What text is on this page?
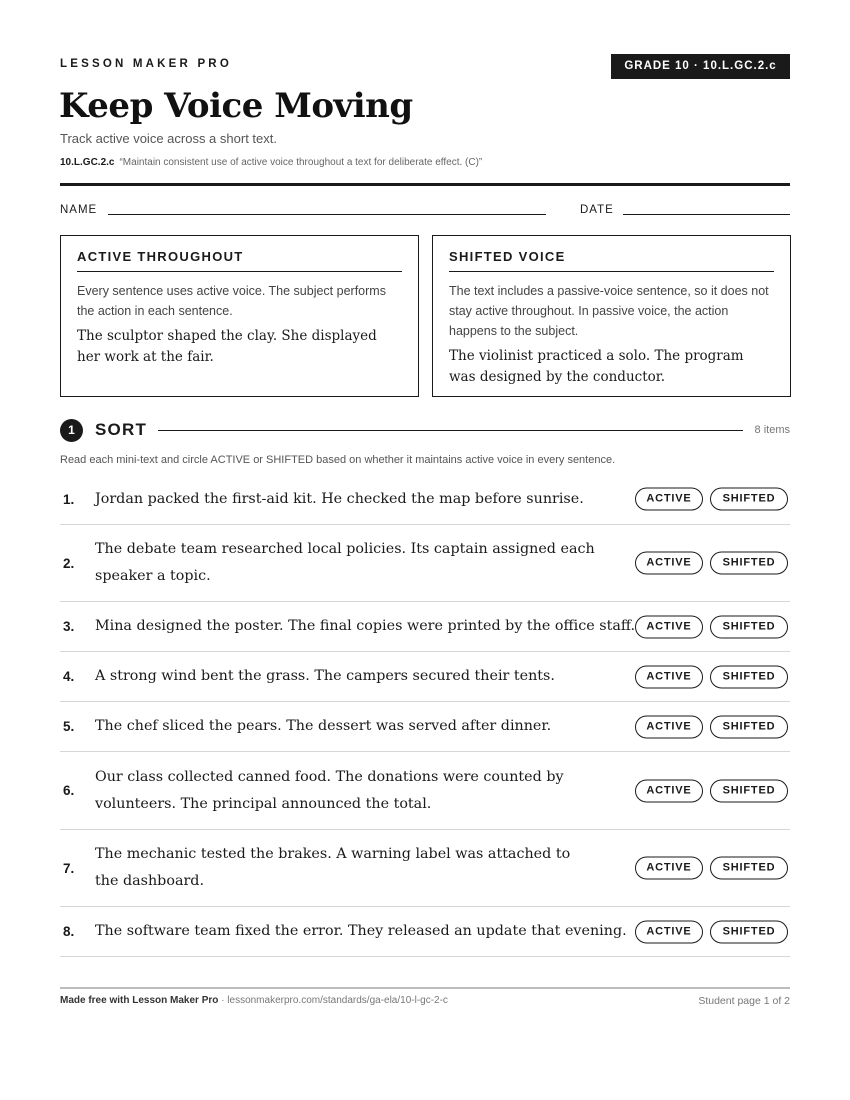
LESSON MAKER PRO	GRADE 10 · 10.L.GC.2.c
Keep Voice Moving
Track active voice across a short text.
10.L.GC.2.c “Maintain consistent use of active voice throughout a text for deliberate effect. (C)”
NAME	DATE
ACTIVE THROUGHOUT
Every sentence uses active voice. The subject performs the action in each sentence.
The sculptor shaped the clay. She displayed her work at the fair.
SHIFTED VOICE
The text includes a passive-voice sentence, so it does not stay active throughout. In passive voice, the action happens to the subject.
The violinist practiced a solo. The program was designed by the conductor.
1	SORT	8 items
Read each mini-text and circle ACTIVE or SHIFTED based on whether it maintains active voice in every sentence.
1. Jordan packed the first-aid kit. He checked the map before sunrise.	ACTIVE	SHIFTED
2.
The debate team researched local policies. Its captain assigned each speaker a topic.
ACTIVE	SHIFTED
3. Mina designed the poster. The final copies were printed by the office staff.	ACTIVE	SHIFTED
4. A strong wind bent the grass. The campers secured their tents.	ACTIVE	SHIFTED
5. The chef sliced the pears. The dessert was served after dinner.	ACTIVE	SHIFTED
6.
Our class collected canned food. The donations were counted by volunteers. The principal announced the total.
ACTIVE	SHIFTED
7.
The mechanic tested the brakes. A warning label was attached to the dashboard.
ACTIVE	SHIFTED
8. The software team fixed the error. They released an update that evening.	ACTIVE	SHIFTED
Made free with Lesson Maker Pro · lessonmakerpro.com/standards/ga-ela/10-l-gc-2-c	Student page 1 of 2
